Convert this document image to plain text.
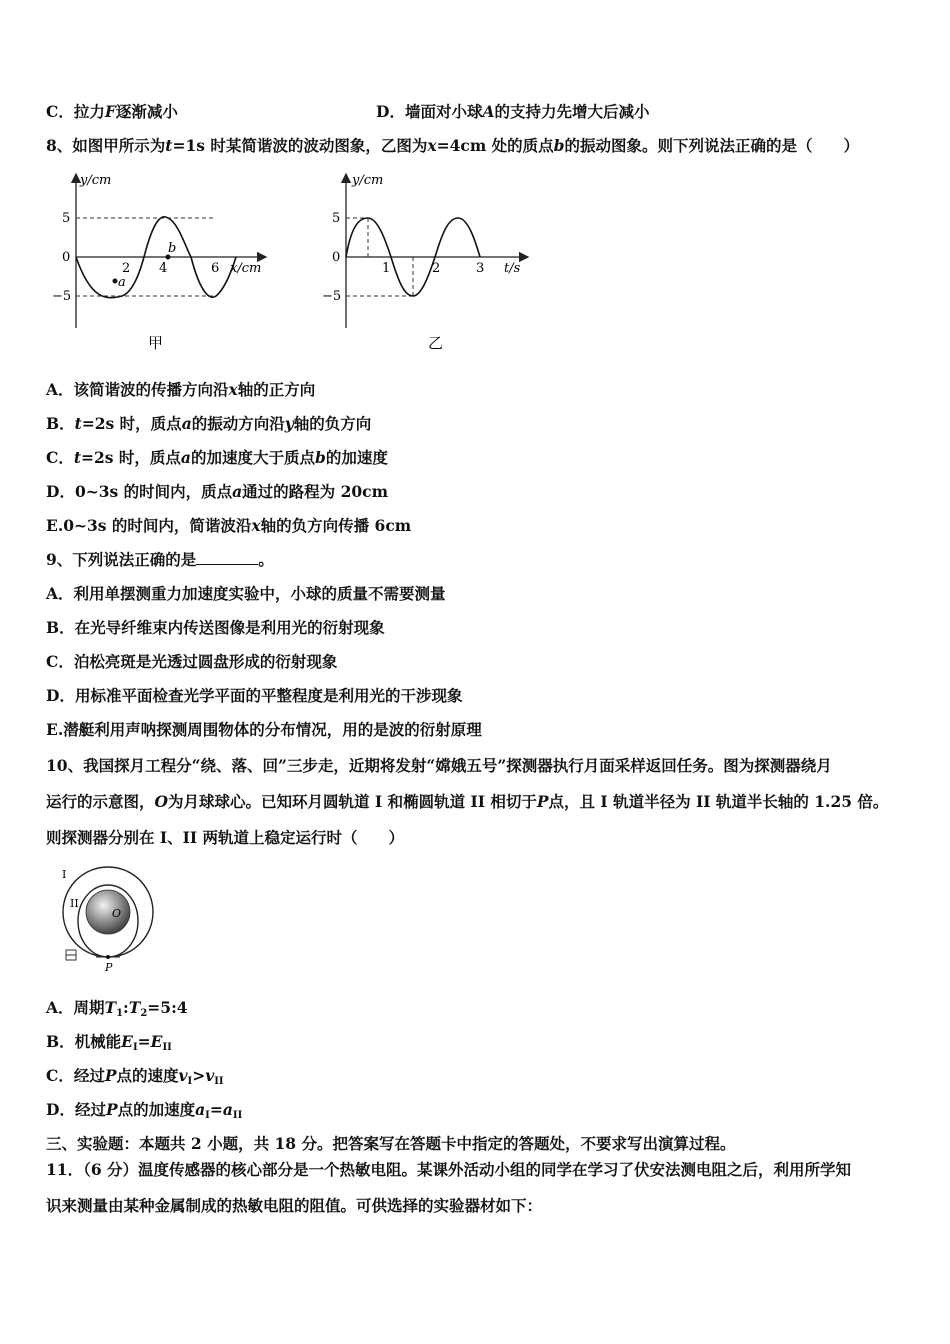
C．拉力F逐渐减小	D．墙面对小球A的支持力先增大后减小
8、如图甲所示为t=1s 时某简谐波的波动图象，乙图为x=4cm 处的质点b的振动图象。则下列说法正确的是（　　）
y/cm
5
0
−5
2 4	6 x/cm
a
b
甲
y/cm
5
0
−5
1	2	3 t/s
乙
A．该简谐波的传播方向沿x轴的正方向
B．t=2s 时，质点a的振动方向沿y轴的负方向
C．t=2s 时，质点a的加速度大于质点b的加速度
D．0~3s 的时间内，质点a通过的路程为 20cm
E.0~3s 的时间内，简谐波沿x轴的负方向传播 6cm
9、下列说法正确的是	。
A．利用单摆测重力加速度实验中，小球的质量不需要测量
B．在光导纤维束内传送图像是利用光的衍射现象
C．泊松亮斑是光透过圆盘形成的衍射现象
D．用标准平面检查光学平面的平整程度是利用光的干涉现象
E.潜艇利用声呐探测周围物体的分布情况，用的是波的衍射原理
10、我国探月工程分“绕、落、回”三步走，近期将发射“嫦娥五号”探测器执行月面采样返回任务。图为探测器绕月
运行的示意图，O为月球球心。已知环月圆轨道 I 和椭圆轨道 II 相切于P点，且 I 轨道半径为 II 轨道半长轴的 1.25 倍。
则探测器分别在 I、II 两轨道上稳定运行时（　　）
I
II
O
P
A．周期$T_1:T_2=5:4$
B．机械能$E_I=E_{II}$
C．经过P点的速度$v_I>v_{II}$
D．经过P点的加速度$a_I=a_{II}$
三、实验题：本题共 2 小题，共 18 分。把答案写在答题卡中指定的答题处，不要求写出演算过程。
11．（6 分）温度传感器的核心部分是一个热敏电阻。某课外活动小组的同学在学习了伏安法测电阻之后，利用所学知
识来测量由某种金属制成的热敏电阻的阻值。可供选择的实验器材如下：
